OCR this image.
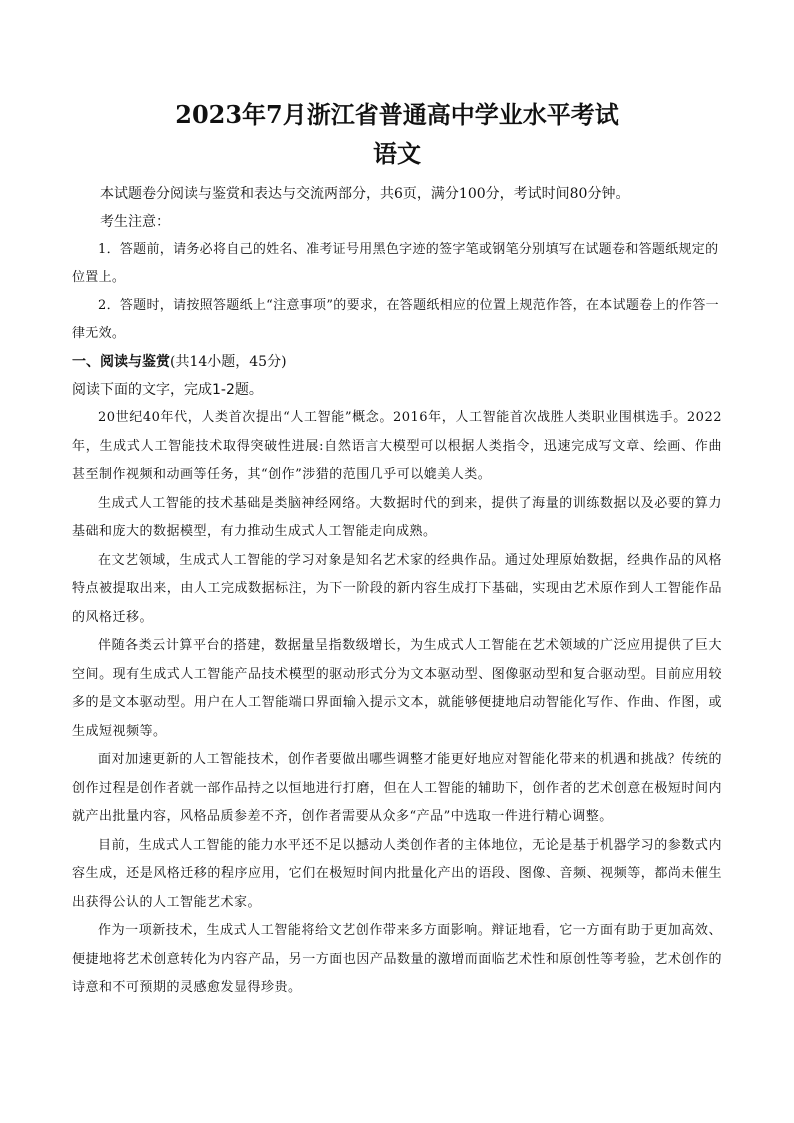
2023年7月浙江省普通高中学业水平考试
语文

本试题卷分阅读与鉴赏和表达与交流两部分，共6页，满分100分，考试时间80分钟。

考生注意：

1．答题前，请务必将自己的姓名、准考证号用黑色字迹的签字笔或钢笔分别填写在试题卷和答题纸规定的位置上。

2．答题时，请按照答题纸上“注意事项”的要求，在答题纸相应的位置上规范作答，在本试题卷上的作答一律无效。

一、阅读与鉴赏(共14小题，45分)

阅读下面的文字，完成1-2题。

20世纪40年代，人类首次提出“人工智能”概念。2016年，人工智能首次战胜人类职业围棋选手。2022年，生成式人工智能技术取得突破性进展:自然语言大模型可以根据人类指令，迅速完成写文章、绘画、作曲甚至制作视频和动画等任务，其“创作”涉猎的范围几乎可以媲美人类。

生成式人工智能的技术基础是类脑神经网络。大数据时代的到来，提供了海量的训练数据以及必要的算力基础和庞大的数据模型，有力推动生成式人工智能走向成熟。

在文艺领域，生成式人工智能的学习对象是知名艺术家的经典作品。通过处理原始数据，经典作品的风格特点被提取出来，由人工完成数据标注，为下一阶段的新内容生成打下基础，实现由艺术原作到人工智能作品的风格迁移。

伴随各类云计算平台的搭建，数据量呈指数级增长，为生成式人工智能在艺术领域的广泛应用提供了巨大空间。现有生成式人工智能产品技术模型的驱动形式分为文本驱动型、图像驱动型和复合驱动型。目前应用较多的是文本驱动型。用户在人工智能端口界面输入提示文本，就能够便捷地启动智能化写作、作曲、作图，或生成短视频等。

面对加速更新的人工智能技术，创作者要做出哪些调整才能更好地应对智能化带来的机遇和挑战？传统的创作过程是创作者就一部作品持之以恒地进行打磨，但在人工智能的辅助下，创作者的艺术创意在极短时间内就产出批量内容，风格品质参差不齐，创作者需要从众多“产品”中选取一件进行精心调整。

目前，生成式人工智能的能力水平还不足以撼动人类创作者的主体地位，无论是基于机器学习的参数式内容生成，还是风格迁移的程序应用，它们在极短时间内批量化产出的语段、图像、音频、视频等，都尚未催生出获得公认的人工智能艺术家。

作为一项新技术，生成式人工智能将给文艺创作带来多方面影响。辩证地看，它一方面有助于更加高效、便捷地将艺术创意转化为内容产品，另一方面也因产品数量的激增而面临艺术性和原创性等考验，艺术创作的诗意和不可预期的灵感愈发显得珍贵。
